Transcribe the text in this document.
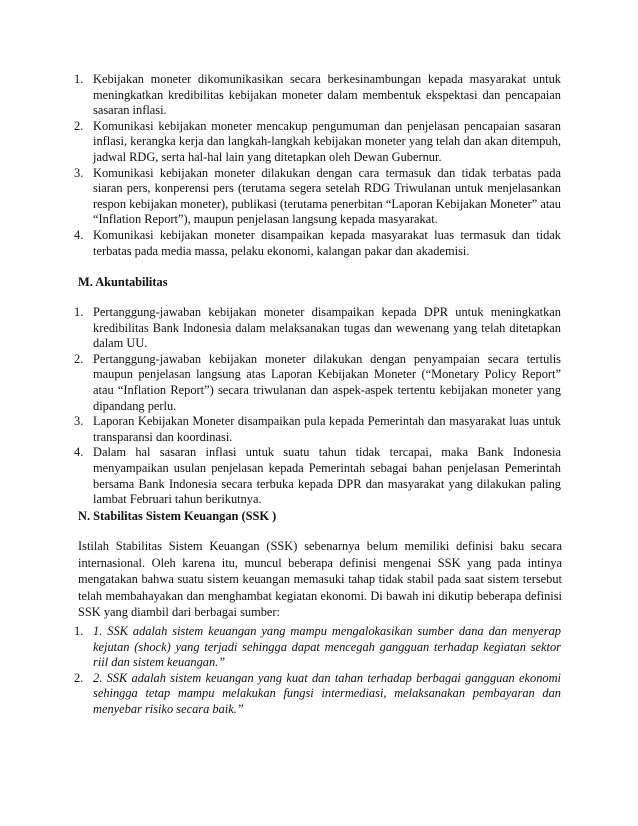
1. Kebijakan moneter dikomunikasikan secara berkesinambungan kepada masyarakat untuk meningkatkan kredibilitas kebijakan moneter dalam membentuk ekspektasi dan pencapaian sasaran inflasi.
2. Komunikasi kebijakan moneter mencakup pengumuman dan penjelasan pencapaian sasaran inflasi, kerangka kerja dan langkah-langkah kebijakan moneter yang telah dan akan ditempuh, jadwal RDG, serta hal-hal lain yang ditetapkan oleh Dewan Gubernur.
3. Komunikasi kebijakan moneter dilakukan dengan cara termasuk dan tidak terbatas pada siaran pers, konperensi pers (terutama segera setelah RDG Triwulanan untuk menjelasankan respon kebijakan moneter), publikasi (terutama penerbitan “Laporan Kebijakan Moneter” atau “Inflation Report”), maupun penjelasan langsung kepada masyarakat.
4. Komunikasi kebijakan moneter disampaikan kepada masyarakat luas termasuk dan tidak terbatas pada media massa, pelaku ekonomi, kalangan pakar dan akademisi.
M. Akuntabilitas
1. Pertanggung-jawaban kebijakan moneter disampaikan kepada DPR untuk meningkatkan kredibilitas Bank Indonesia dalam melaksanakan tugas dan wewenang yang telah ditetapkan dalam UU.
2. Pertanggung-jawaban kebijakan moneter dilakukan dengan penyampaian secara tertulis maupun penjelasan langsung atas Laporan Kebijakan Moneter (“Monetary Policy Report” atau “Inflation Report”) secara triwulanan dan aspek-aspek tertentu kebijakan moneter yang dipandang perlu.
3. Laporan Kebijakan Moneter disampaikan pula kepada Pemerintah dan masyarakat luas untuk transparansi dan koordinasi.
4. Dalam hal sasaran inflasi untuk suatu tahun tidak tercapai, maka Bank Indonesia menyampaikan usulan penjelasan kepada Pemerintah sebagai bahan penjelasan Pemerintah bersama Bank Indonesia secara terbuka kepada DPR dan masyarakat yang dilakukan paling lambat Februari tahun berikutnya.
N. Stabilitas Sistem Keuangan (SSK )

Istilah Stabilitas Sistem Keuangan (SSK) sebenarnya belum memiliki definisi baku secara internasional. Oleh karena itu, muncul beberapa definisi mengenai SSK yang pada intinya mengatakan bahwa suatu sistem keuangan memasuki tahap tidak stabil pada saat sistem tersebut telah membahayakan dan menghambat kegiatan ekonomi. Di bawah ini dikutip beberapa definisi SSK yang diambil dari berbagai sumber:

1. 1. SSK adalah sistem keuangan yang mampu mengalokasikan sumber dana dan menyerap kejutan (shock) yang terjadi sehingga dapat mencegah gangguan terhadap kegiatan sektor riil dan sistem keuangan.”
2. 2. SSK adalah sistem keuangan yang kuat dan tahan terhadap berbagai gangguan ekonomi sehingga tetap mampu melakukan fungsi intermediasi, melaksanakan pembayaran dan menyebar risiko secara baik.”
